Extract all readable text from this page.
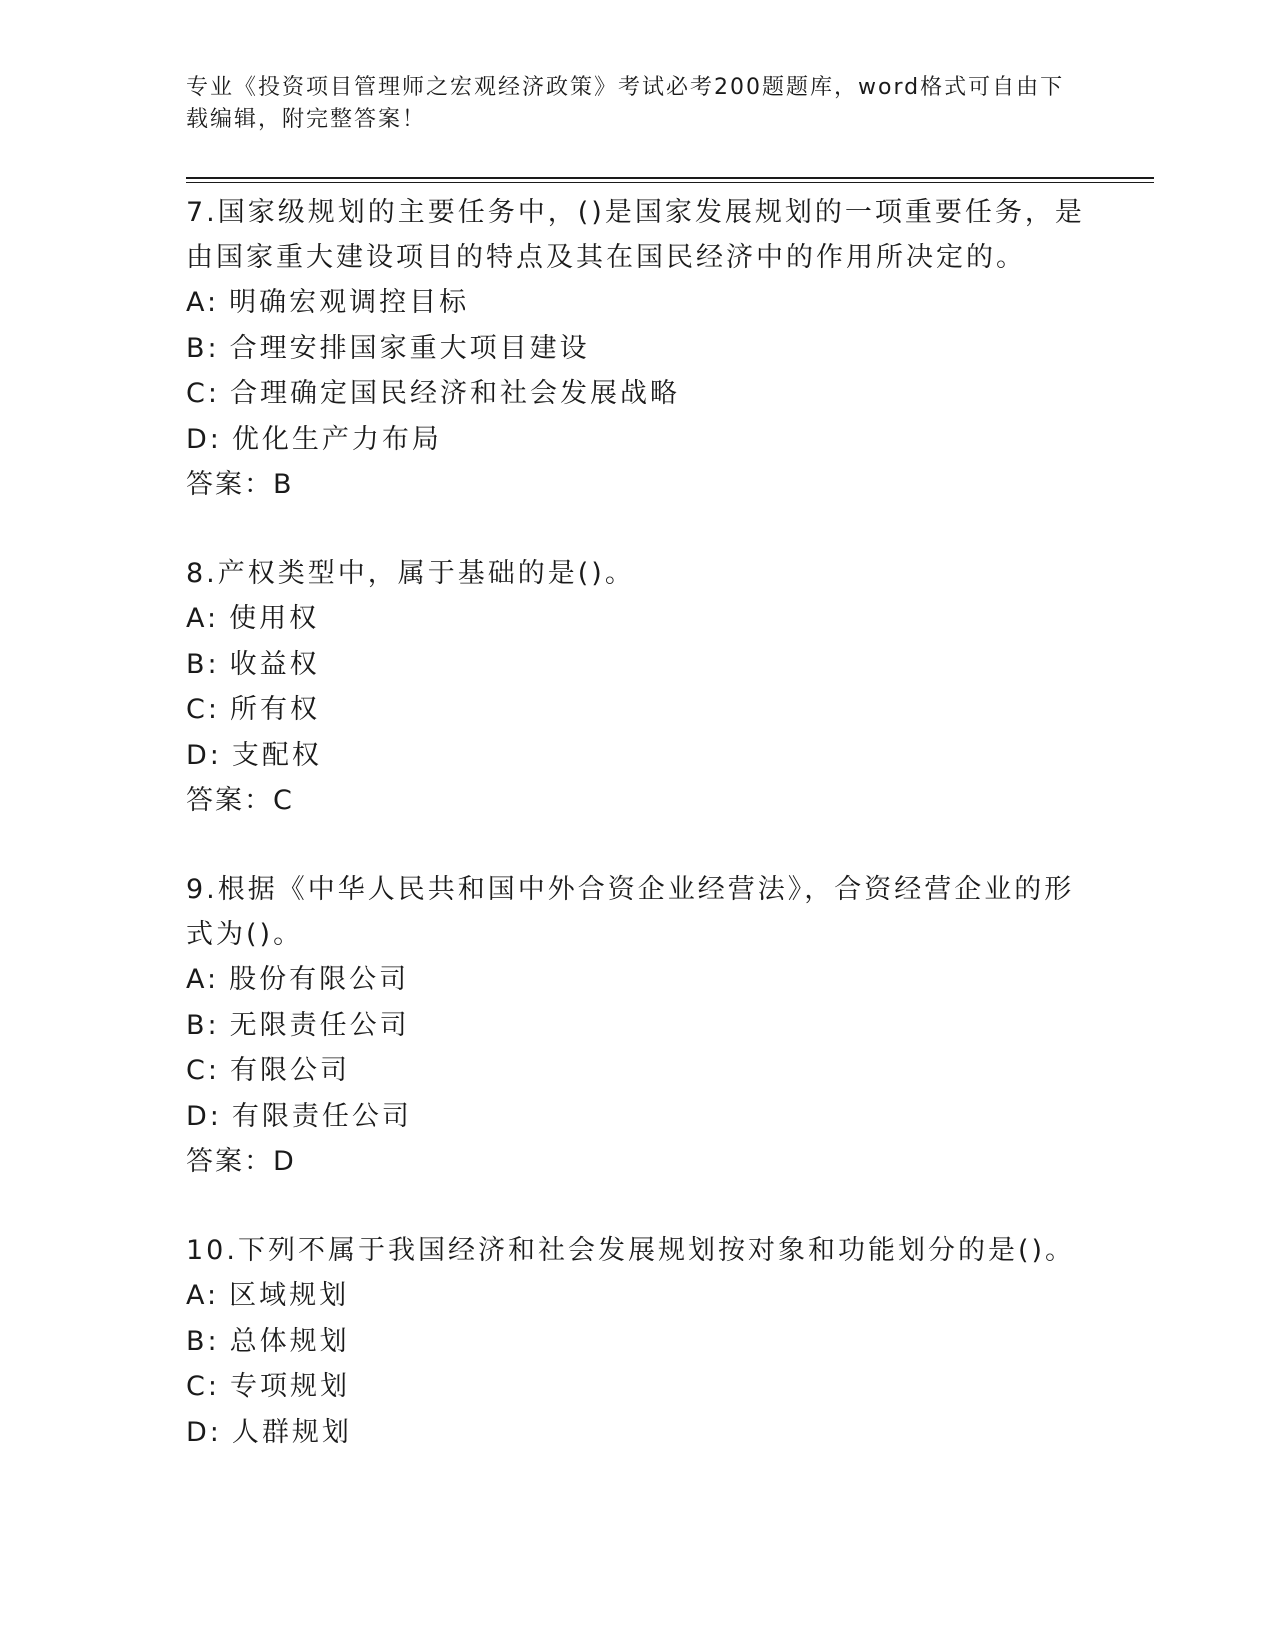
专业《投资项目管理师之宏观经济政策》考试必考200题题库，word格式可自由下载编辑，附完整答案！

7.国家级规划的主要任务中，()是国家发展规划的一项重要任务，是由国家重大建设项目的特点及其在国民经济中的作用所决定的。

A: 明确宏观调控目标

B: 合理安排国家重大项目建设

C: 合理确定国民经济和社会发展战略

D: 优化生产力布局

答案：B

8.产权类型中，属于基础的是()。

A: 使用权

B: 收益权

C: 所有权

D: 支配权

答案：C

9.根据《中华人民共和国中外合资企业经营法》，合资经营企业的形式为()。

A: 股份有限公司

B: 无限责任公司

C: 有限公司

D: 有限责任公司

答案：D

10.下列不属于我国经济和社会发展规划按对象和功能划分的是()。

A: 区域规划

B: 总体规划

C: 专项规划

D: 人群规划
